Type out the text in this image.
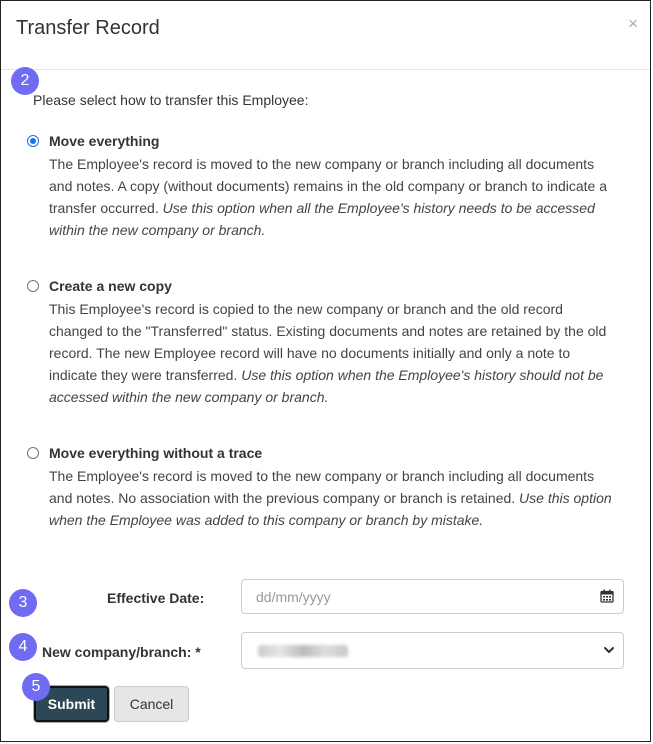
Transfer Record	×
2
Please select how to transfer this Employee:
Move everything
The Employee's record is moved to the new company or branch including all documents and notes. A copy (without documents) remains in the old company or branch to indicate a transfer occurred. Use this option when all the Employee's history needs to be accessed within the new company or branch.
Create a new copy
This Employee's record is copied to the new company or branch and the old record changed to the "Transferred" status. Existing documents and notes are retained by the old record. The new Employee record will have no documents initially and only a note to indicate they were transferred. Use this option when the Employee's history should not be accessed within the new company or branch.
Move everything without a trace
The Employee's record is moved to the new company or branch including all documents and notes. No association with the previous company or branch is retained. Use this option when the Employee was added to this company or branch by mistake.
3	Effective Date:	dd/mm/yyyy
4	New company/branch: *
5
Submit	Cancel
